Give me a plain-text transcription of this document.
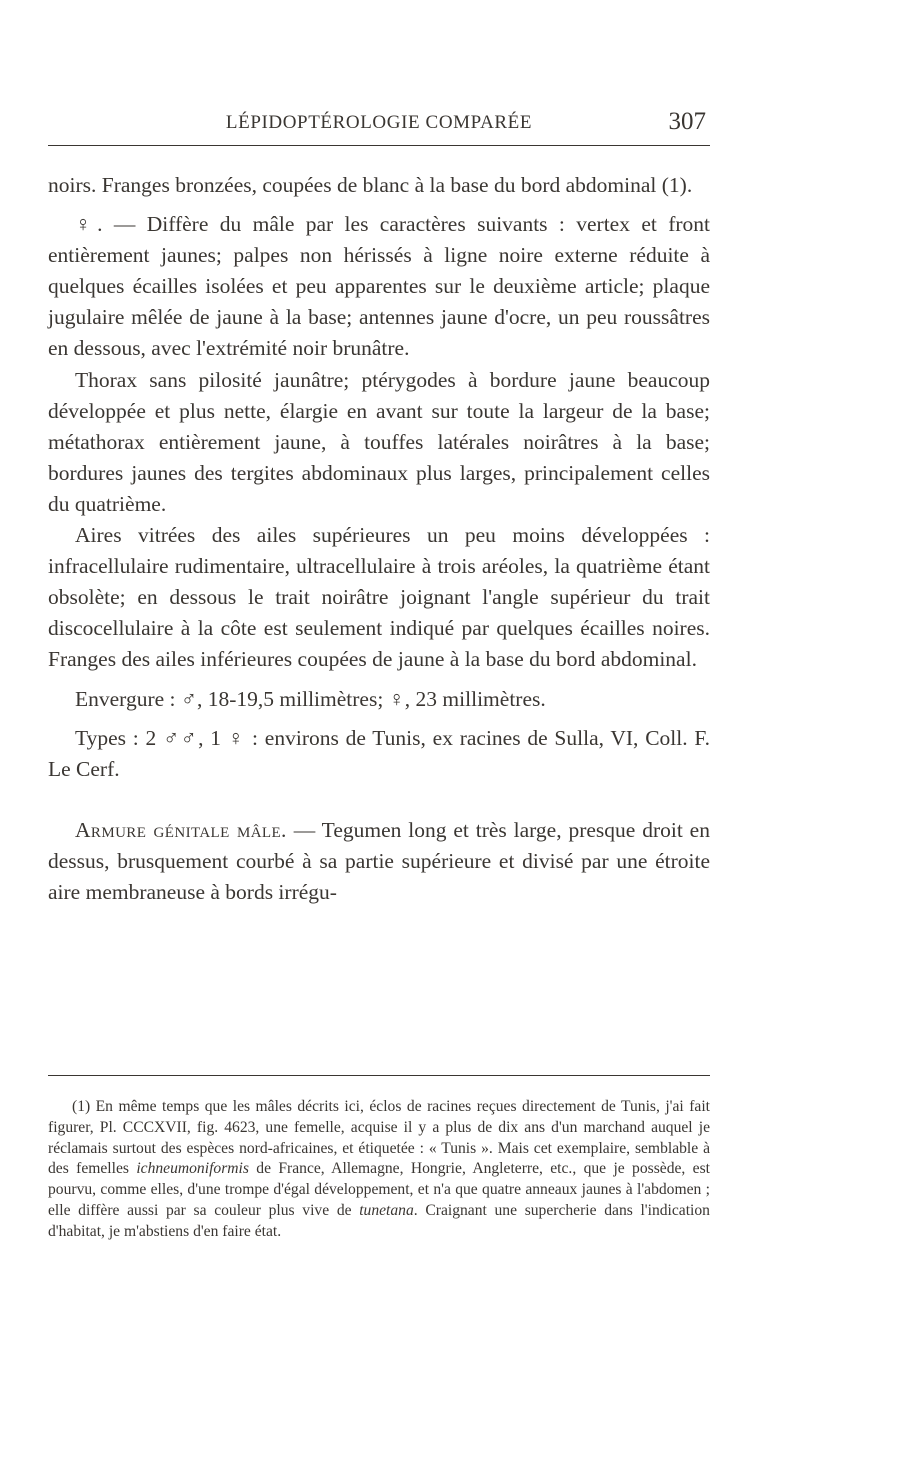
LÉPIDOPTÉROLOGIE COMPARÉE	307

noirs. Franges bronzées, coupées de blanc à la base du bord abdominal (1).

♀. — Diffère du mâle par les caractères suivants : vertex et front entièrement jaunes; palpes non hérissés à ligne noire externe réduite à quelques écailles isolées et peu apparentes sur le deuxième article; plaque jugulaire mêlée de jaune à la base; antennes jaune d'ocre, un peu roussâtres en dessous, avec l'extrémité noir brunâtre.

Thorax sans pilosité jaunâtre; ptérygodes à bordure jaune beaucoup développée et plus nette, élargie en avant sur toute la largeur de la base; métathorax entièrement jaune, à touffes latérales noirâtres à la base; bordures jaunes des tergites abdominaux plus larges, principalement celles du quatrième.

Aires vitrées des ailes supérieures un peu moins développées : infracellulaire rudimentaire, ultracellulaire à trois aréoles, la quatrième étant obsolète; en dessous le trait noirâtre joignant l'angle supérieur du trait discocellulaire à la côte est seulement indiqué par quelques écailles noires. Franges des ailes inférieures coupées de jaune à la base du bord abdominal.

Envergure : ♂, 18-19,5 millimètres; ♀, 23 millimètres.

Types : 2 ♂♂, 1 ♀ : environs de Tunis, ex racines de Sulla, VI, Coll. F. Le Cerf.

Armure génitale mâle. — Tegumen long et très large, presque droit en dessus, brusquement courbé à sa partie supérieure et divisé par une étroite aire membraneuse à bords irrégu-

(1) En même temps que les mâles décrits ici, éclos de racines reçues directement de Tunis, j'ai fait figurer, Pl. CCCXVII, fig. 4623, une femelle, acquise il y a plus de dix ans d'un marchand auquel je réclamais surtout des espèces nord-africaines, et étiquetée : « Tunis ». Mais cet exemplaire, semblable à des femelles ichneumoniformis de France, Allemagne, Hongrie, Angleterre, etc., que je possède, est pourvu, comme elles, d'une trompe d'égal développement, et n'a que quatre anneaux jaunes à l'abdomen ; elle diffère aussi par sa couleur plus vive de tunetana. Craignant une supercherie dans l'indication d'habitat, je m'abstiens d'en faire état.
